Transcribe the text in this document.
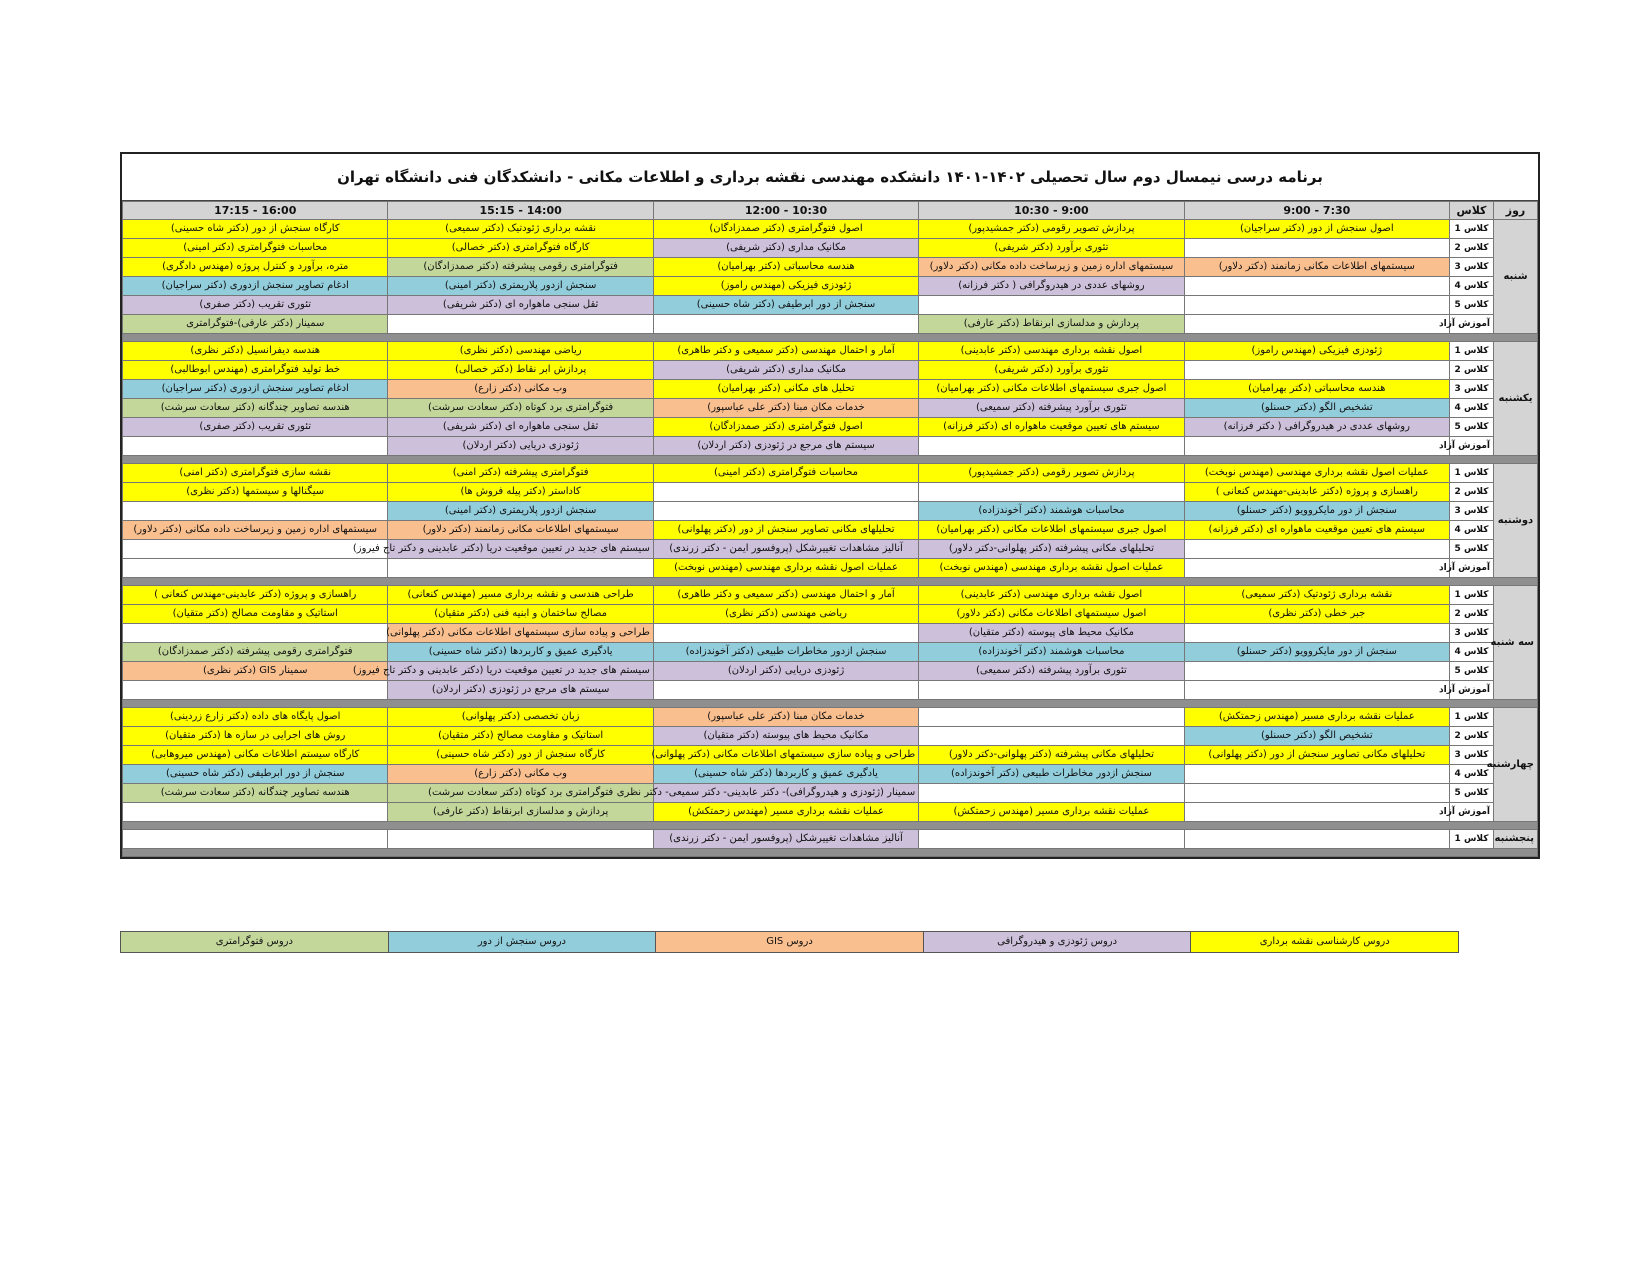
برنامه درسی نیمسال دوم سال تحصیلی ۱۴۰۲-۱۴۰۱ دانشکده مهندسی نقشه برداری و اطلاعات مکانی - دانشکدگان فنی دانشگاه تهران
روز	کلاس	7:30 - 9:00	9:00 - 10:30	10:30 - 12:00	14:00 - 15:15	16:00 - 17:15
شنبه	کلاس 1	اصول سنجش از دور (دکتر سراجیان)	پردازش تصویر رقومی (دکتر جمشیدپور)	اصول فتوگرامتری (دکتر صمدزادگان)	نقشه برداری ژئودتیک (دکتر سمیعی)	کارگاه سنجش از دور (دکتر شاه حسینی)
	کلاس 2		تئوری برآورد (دکتر شریفی)	مکانیک مداری (دکتر شریفی)	کارگاه فتوگرامتری (دکتر خصالی)	محاسبات فتوگرامتری (دکتر امینی)
	کلاس 3	سیستمهای اطلاعات مکانی زمانمند (دکتر دلاور)	سیستمهای اداره زمین و زیرساخت داده مکانی (دکتر دلاور)	هندسه محاسباتی (دکتر بهرامیان)	فتوگرامتری رقومی پیشرفته (دکتر صمدزادگان)	متره، برآورد و کنترل پروژه (مهندس دادگری)
	کلاس 4		روشهای عددی در هیدروگرافی ( دکتر فرزانه)	ژئودزی فیزیکی (مهندس راموز)	سنجش ازدور پلاریمتری (دکتر امینی)	ادغام تصاویر سنجش ازدوری (دکتر سراجیان)
	کلاس 5			سنجش از دور ابرطیفی (دکتر شاه حسینی)	ثقل سنجی ماهواره ای (دکتر شریفی)	تئوری تقریب (دکتر صفری)
	آموزش آزاد		پردازش و مدلسازی ابرنقاط (دکتر عارفی)			سمینار (دکتر عارفی)-فتوگرامتری

یکشنبه	کلاس 1	ژئودزی فیزیکی (مهندس راموز)	اصول نقشه برداری مهندسی (دکتر عابدینی)	آمار و احتمال مهندسی (دکتر سمیعی و دکتر طاهری)	ریاضی مهندسی (دکتر نظری)	هندسه دیفرانسیل (دکتر نظری)
	کلاس 2		تئوری برآورد (دکتر شریفی)	مکانیک مداری (دکتر شریفی)	پردازش ابر نقاط (دکتر خصالی)	خط تولید فتوگرامتری (مهندس ابوطالبی)
	کلاس 3	هندسه محاسباتی (دکتر بهرامیان)	اصول جبری سیستمهای اطلاعات مکانی (دکتر بهرامیان)	تحلیل های مکانی (دکتر بهرامیان)	وب مکانی (دکتر زارع)	ادغام تصاویر سنجش ازدوری (دکتر سراجیان)
	کلاس 4	تشخیص الگو (دکتر حسنلو)	تئوری برآورد پیشرفته (دکتر سمیعی)	خدمات مکان مبنا (دکتر علی عباسپور)	فتوگرامتری برد کوتاه (دکتر سعادت سرشت)	هندسه تصاویر چندگانه (دکتر سعادت سرشت)
	کلاس 5	روشهای عددی در هیدروگرافی ( دکتر فرزانه)	سیستم های تعیین موقعیت ماهواره ای (دکتر فرزانه)	اصول فتوگرامتری (دکتر صمدزادگان)	ثقل سنجی ماهواره ای (دکتر شریفی)	تئوری تقریب (دکتر صفری)
	آموزش آزاد			سیستم های مرجع در ژئودزی (دکتر اردلان)	ژئودزی دریایی (دکتر اردلان)	

دوشنبه	کلاس 1	عملیات اصول نقشه برداری مهندسی (مهندس نوبخت)	پردازش تصویر رقومی (دکتر جمشیدپور)	محاسبات فتوگرامتری (دکتر امینی)	فتوگرامتری پیشرفته (دکتر امنی)	نقشه سازی فتوگرامتری (دکتر امنی)
	کلاس 2	راهسازی و پروژه (دکتر عابدینی-مهندس کنعانی )			کاداستر (دکتر پیله فروش ها)	سیگنالها و سیستمها (دکتر نظری)
	کلاس 3	سنجش از دور مایکروویو (دکتر حسنلو)	محاسبات هوشمند (دکتر آخوندزاده)		سنجش ازدور پلاریمتری (دکتر امینی)	
	کلاس 4	سیستم های تعیین موقعیت ماهواره ای (دکتر فرزانه)	اصول جبری سیستمهای اطلاعات مکانی (دکتر بهرامیان)	تحلیلهای مکانی تصاویر سنجش از دور (دکتر پهلوانی)	سیستمهای اطلاعات مکانی زمانمند (دکتر دلاور)	سیستمهای اداره زمین و زیرساخت داده مکانی (دکتر دلاور)
	کلاس 5		تحلیلهای مکانی پیشرفته (دکتر پهلوانی-دکتر دلاور)	آنالیز مشاهدات تغییرشکل (پروفسور ایمن - دکتر زرندی)	سیستم های جدید در تعیین موقعیت دریا (دکتر عابدینی و دکتر تاج فیروز)	
	آموزش آزاد		عملیات اصول نقشه برداری مهندسی (مهندس نوبخت)	عملیات اصول نقشه برداری مهندسی (مهندس نوبخت)		

سه شنبه	کلاس 1	نقشه برداری ژئودتیک (دکتر سمیعی)	اصول نقشه برداری مهندسی (دکتر عابدینی)	آمار و احتمال مهندسی (دکتر سمیعی و دکتر طاهری)	طراحی هندسی و نقشه برداری مسیر (مهندس کنعانی)	راهسازی و پروژه (دکتر عابدینی-مهندس کنعانی )
	کلاس 2	جبر خطی (دکتر نظری)	اصول سیستمهای اطلاعات مکانی (دکتر دلاور)	ریاضی مهندسی (دکتر نظری)	مصالح ساختمان و ابنیه فنی (دکتر متقیان)	استاتیک و مقاومت مصالح (دکتر متقیان)
	کلاس 3		مکانیک محیط های پیوسته (دکتر متقیان)		طراحی و پیاده سازی سیستمهای اطلاعات مکانی (دکتر پهلوانی)	
	کلاس 4	سنجش از دور مایکروویو (دکتر حسنلو)	محاسبات هوشمند (دکتر آخوندزاده)	سنجش ازدور مخاطرات طبیعی (دکتر آخوندزاده)	یادگیری عمیق و کاربردها (دکتر شاه حسینی)	فتوگرامتری رقومی پیشرفته (دکتر صمدزادگان)
	کلاس 5		تئوری برآورد پیشرفته (دکتر سمیعی)	ژئودزی دریایی (دکتر اردلان)	سیستم های جدید در تعیین موقعیت دریا (دکتر عابدینی و دکتر تاج فیروز)	سمینار GIS (دکتر نظری)
	آموزش آزاد				سیستم های مرجع در ژئودزی (دکتر اردلان)	

چهارشنبه	کلاس 1	عملیات نقشه برداری مسیر (مهندس زحمتکش)		خدمات مکان مبنا (دکتر علی عباسپور)	زبان تخصصی (دکتر پهلوانی)	اصول پایگاه های داده (دکتر زارع زردینی)
	کلاس 2	تشخیص الگو (دکتر حسنلو)		مکانیک محیط های پیوسته (دکتر متقیان)	استاتیک و مقاومت مصالح (دکتر متقیان)	روش های اجرایی در سازه ها (دکتر متقیان)
	کلاس 3	تحلیلهای مکانی تصاویر سنجش از دور (دکتر پهلوانی)	تحلیلهای مکانی پیشرفته (دکتر پهلوانی-دکتر دلاور)	طراحی و پیاده سازی سیستمهای اطلاعات مکانی (دکتر پهلوانی)	کارگاه سنجش از دور (دکتر شاه حسینی)	کارگاه سیستم اطلاعات مکانی (مهندس میروهابی)
	کلاس 4		سنجش ازدور مخاطرات طبیعی (دکتر آخوندزاده)	یادگیری عمیق و کاربردها (دکتر شاه حسینی)	وب مکانی (دکتر زارع)	سنجش از دور ابرطیفی (دکتر شاه حسینی)
	کلاس 5			سمینار (ژئودزی و هیدروگرافی)- دکتر عابدینی- دکتر سمیعی- دکتر نظری	فتوگرامتری برد کوتاه (دکتر سعادت سرشت)	هندسه تصاویر چندگانه (دکتر سعادت سرشت)
	آموزش آزاد		عملیات نقشه برداری مسیر (مهندس زحمتکش)	عملیات نقشه برداری مسیر (مهندس زحمتکش)	پردازش و مدلسازی ابرنقاط (دکتر عارفی)	

پنجشنبه	کلاس 1			آنالیز مشاهدات تغییرشکل (پروفسور ایمن - دکتر زرندی)		

دروس کارشناسی نقشه برداری	دروس ژئودزی و هیدروگرافی	دروس GIS	دروس سنجش از دور	دروس فتوگرامتری
